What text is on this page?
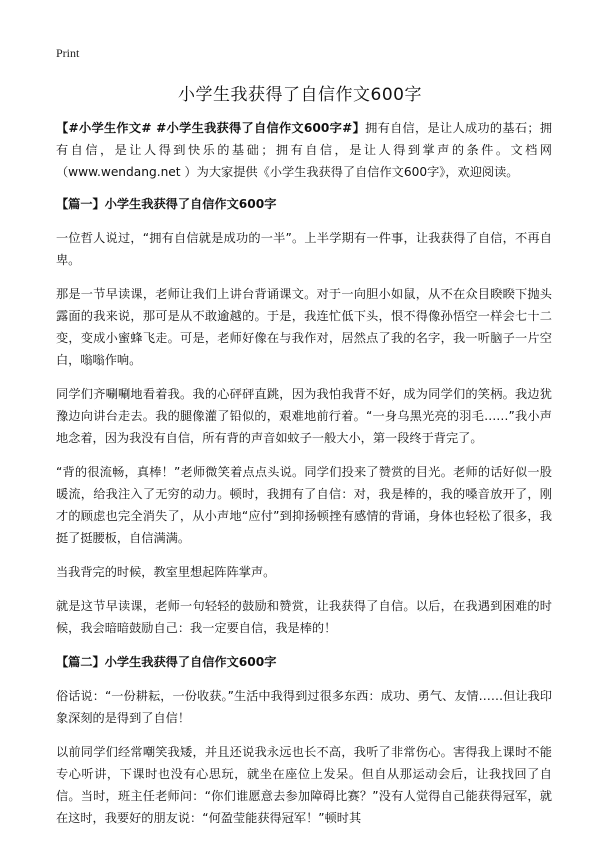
Print

小学生我获得了自信作文600字

【#小学生作文# #小学生我获得了自信作文600字#】拥有自信，是让人成功的基石；拥有自信，是让人得到快乐的基础；拥有自信，是让人得到掌声的条件。文档网（www.wendang.net ）为大家提供《小学生我获得了自信作文600字》，欢迎阅读。

【篇一】小学生我获得了自信作文600字

一位哲人说过，“拥有自信就是成功的一半”。上半学期有一件事，让我获得了自信，不再自卑。

那是一节早读课，老师让我们上讲台背诵课文。对于一向胆小如鼠，从不在众目睽睽下抛头露面的我来说，那可是从不敢逾越的。于是，我连忙低下头，恨不得像孙悟空一样会七十二变，变成小蜜蜂飞走。可是，老师好像在与我作对，居然点了我的名字，我一听脑子一片空白，嗡嗡作响。

同学们齐唰唰地看着我。我的心砰砰直跳，因为我怕我背不好，成为同学们的笑柄。我边犹豫边向讲台走去。我的腿像灌了铅似的，艰难地前行着。“一身乌黑光亮的羽毛……”我小声地念着，因为我没有自信，所有背的声音如蚊子一般大小，第一段终于背完了。

“背的很流畅，真棒！”老师微笑着点点头说。同学们投来了赞赏的目光。老师的话好似一股暖流，给我注入了无穷的动力。顿时，我拥有了自信：对，我是棒的，我的嗓音放开了，刚才的顾虑也完全消失了，从小声地“应付”到抑扬顿挫有感情的背诵，身体也轻松了很多，我挺了挺腰板，自信满满。

当我背完的时候，教室里想起阵阵掌声。

就是这节早读课，老师一句轻轻的鼓励和赞赏，让我获得了自信。以后，在我遇到困难的时候，我会暗暗鼓励自己：我一定要自信，我是棒的！

【篇二】小学生我获得了自信作文600字

俗话说：“一份耕耘，一份收获。”生活中我得到过很多东西：成功、勇气、友情……但让我印象深刻的是得到了自信！

以前同学们经常嘲笑我矮，并且还说我永远也长不高，我听了非常伤心。害得我上课时不能专心听讲，下课时也没有心思玩，就坐在座位上发呆。但自从那运动会后，让我找回了自信。当时，班主任老师问：“你们谁愿意去参加障碍比赛？”没有人觉得自己能获得冠军，就在这时，我要好的朋友说：“何盈莹能获得冠军！”顿时其
